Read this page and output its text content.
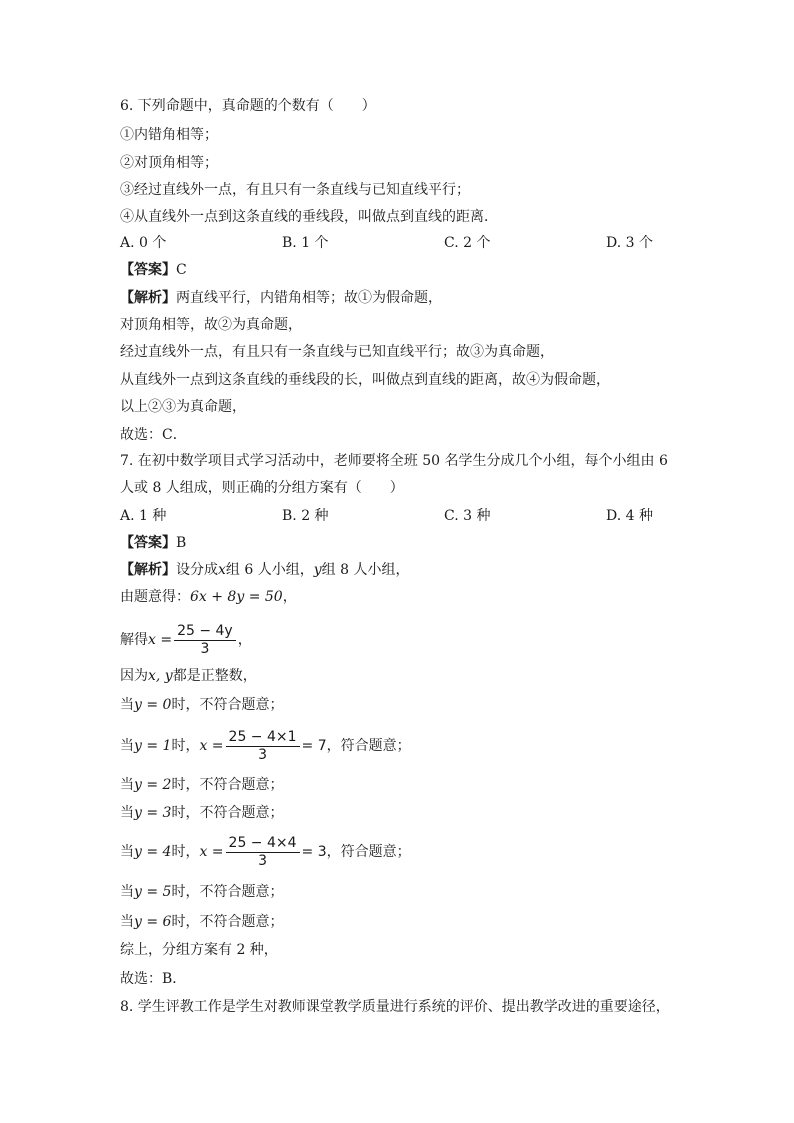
6. 下列命题中，真命题的个数有（　　）
①内错角相等；
②对顶角相等；
③经过直线外一点，有且只有一条直线与已知直线平行；
④从直线外一点到这条直线的垂线段，叫做点到直线的距离．
A. 0 个	B. 1 个	C. 2 个	D. 3 个
【答案】C
【解析】两直线平行，内错角相等；故①为假命题，
对顶角相等，故②为真命题，
经过直线外一点，有且只有一条直线与已知直线平行；故③为真命题，
从直线外一点到这条直线的垂线段的长，叫做点到直线的距离，故④为假命题，
以上②③为真命题，
故选：C．
7. 在初中数学项目式学习活动中，老师要将全班 50 名学生分成几个小组，每个小组由 6
人或 8 人组成，则正确的分组方案有（　　）
A. 1 种	B. 2 种	C. 3 种	D. 4 种
【答案】B
【解析】设分成x组 6 人小组，y组 8 人小组，
由题意得：6x + 8y = 50，
解得$x = \frac{25 - 4y}{3}$ ，
因为x, y都是正整数，
当y = 0时，不符合题意；
当y = 1时，$x = \frac{25 - 4\times 1}{3} = 7$，符合题意；
当y = 2时，不符合题意；
当y = 3时，不符合题意；
当y = 4时，$x = \frac{25 - 4\times 4}{3} = 3$，符合题意；
当y = 5时，不符合题意；
当y = 6时，不符合题意；
综上，分组方案有 2 种，
故选：B．
8. 学生评教工作是学生对教师课堂教学质量进行系统的评价、提出教学改进的重要途径，
